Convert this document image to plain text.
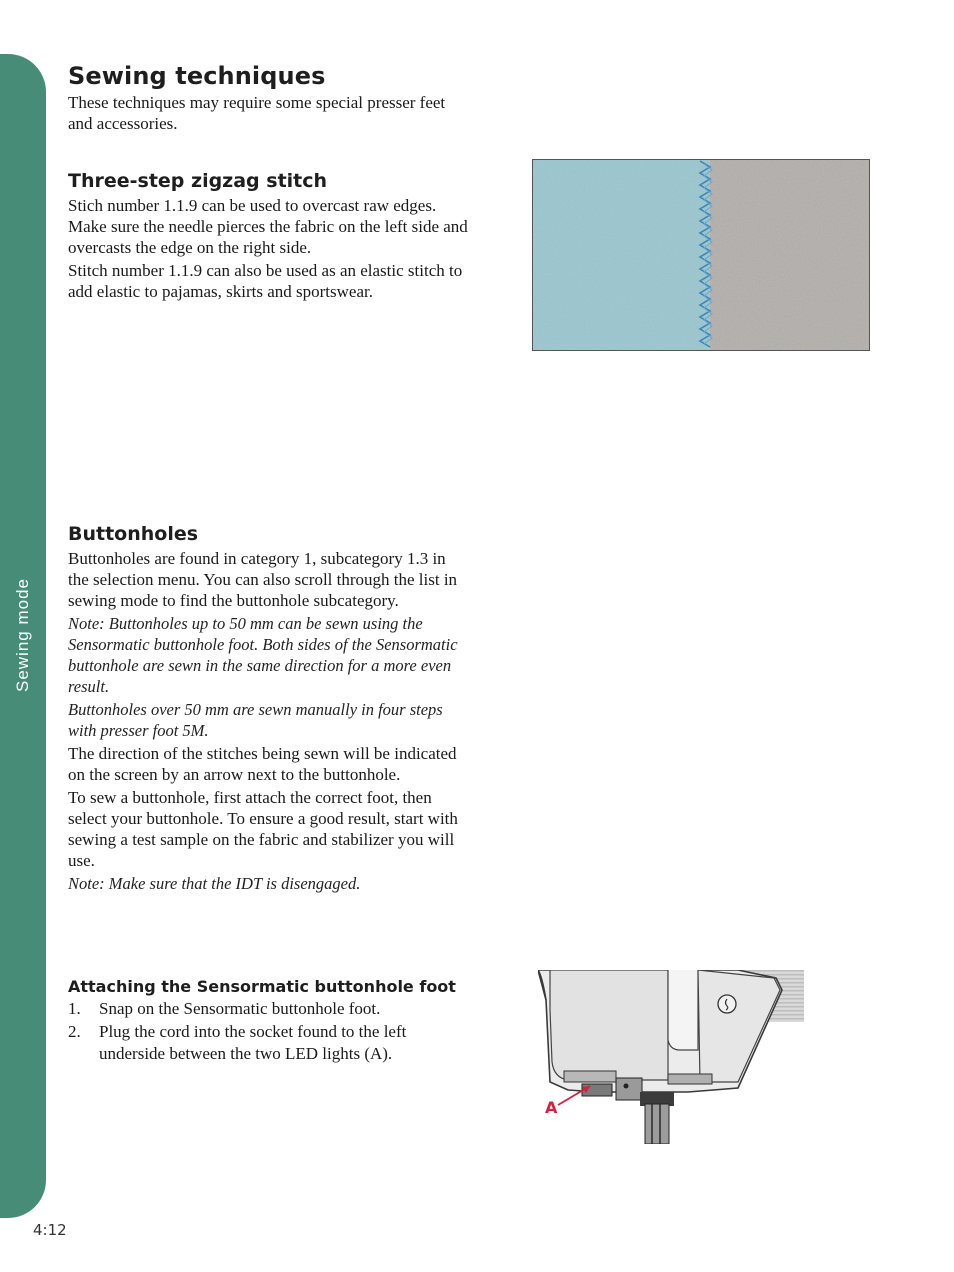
Sewing mode
Sewing techniques

These techniques may require some special presser feet and accessories.

Three-step zigzag stitch

Stich number 1.1.9 can be used to overcast raw edges. Make sure the needle pierces the fabric on the left side and overcasts the edge on the right side.

Stitch number 1.1.9 can also be used as an elastic stitch to add elastic to pajamas, skirts and sportswear.

Buttonholes

Buttonholes are found in category 1, subcategory 1.3 in the selection menu. You can also scroll through the list in sewing mode to find the buttonhole subcategory.

Note: Buttonholes up to 50 mm can be sewn using the Sensormatic buttonhole foot. Both sides of the Sensormatic buttonhole are sewn in the same direction for a more even result.

Buttonholes over 50 mm are sewn manually in four steps with presser foot 5M.

The direction of the stitches being sewn will be indicated on the screen by an arrow next to the buttonhole.

To sew a buttonhole, first attach the correct foot, then select your buttonhole. To ensure a good result, start with sewing a test sample on the fabric and stabilizer you will use.

Note: Make sure that the IDT is disengaged.

Attaching the Sensormatic buttonhole foot
1.	Snap on the Sensormatic buttonhole foot.
2.	Plug the cord into the socket found to the left underside between the two LED lights (A).
A
4:12
